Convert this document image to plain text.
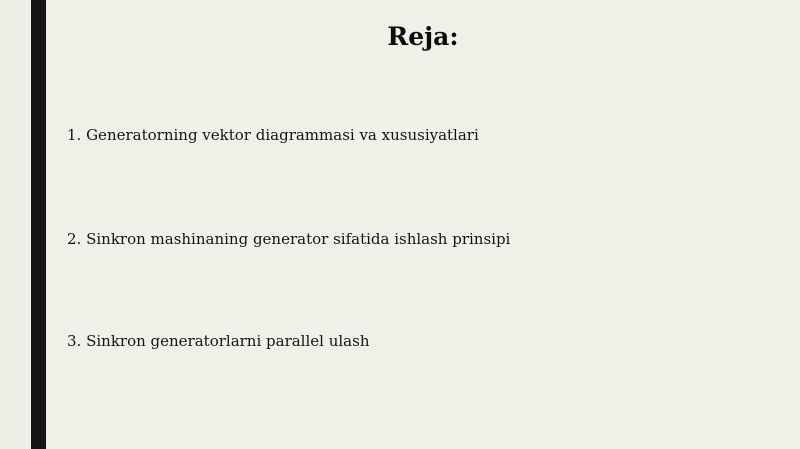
Reja:
1. Generatorning vektor diagrammasi va xususiyatlari
2. Sinkron mashinaning generator sifatida ishlash prinsipi
3. Sinkron generatorlarni parallel ulash
